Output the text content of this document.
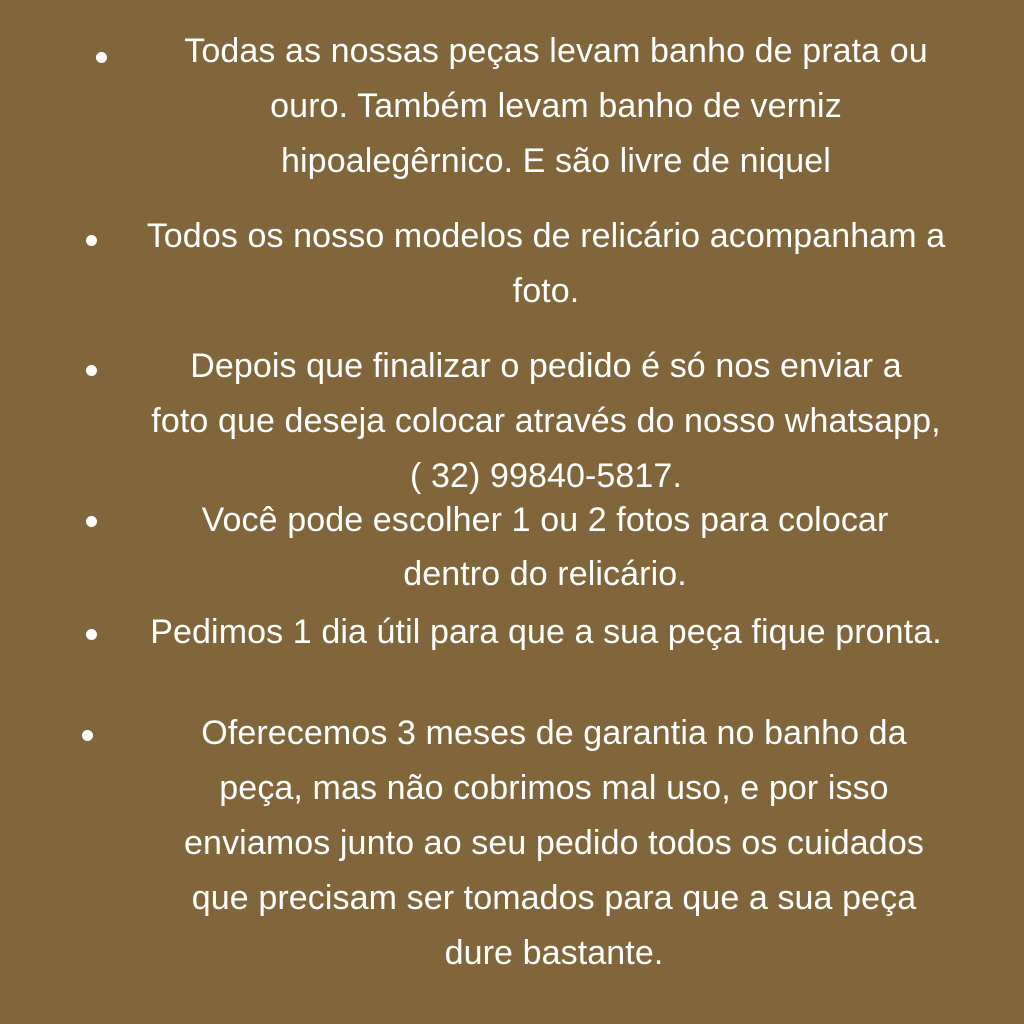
Todas as nossas peças levam banho de prata ou
ouro. Também levam banho de verniz
hipoalegêrnico. E são livre de niquel

Todos os nosso modelos de relicário acompanham a
foto.

Depois que finalizar o pedido é só nos enviar a
foto que deseja colocar através do nosso whatsapp,
( 32) 99840-5817.

Você pode escolher 1 ou 2 fotos para colocar
dentro do relicário.

Pedimos 1 dia útil para que a sua peça fique pronta.

Oferecemos 3 meses de garantia no banho da
peça, mas não cobrimos mal uso, e por isso
enviamos junto ao seu pedido todos os cuidados
que precisam ser tomados para que a sua peça
dure bastante.
